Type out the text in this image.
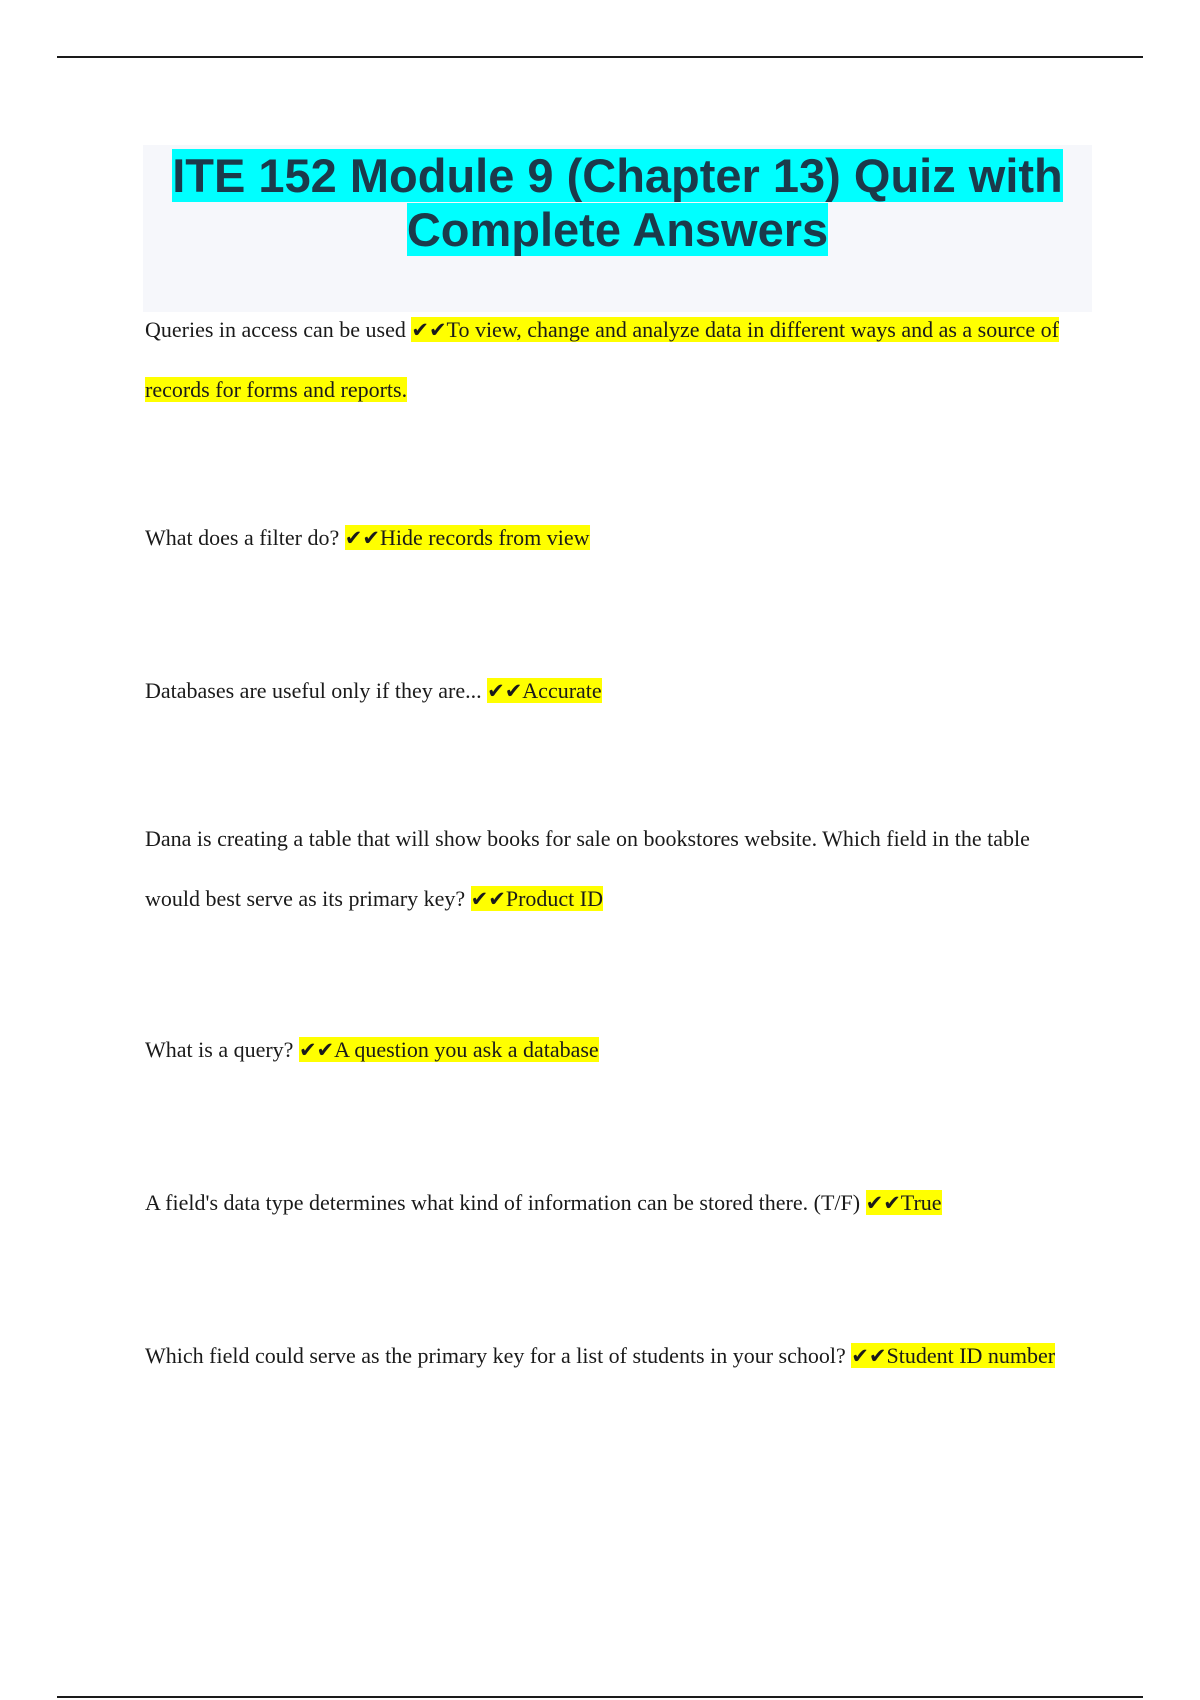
ITE 152 Module 9 (Chapter 13) Quiz with Complete Answers

Queries in access can be used ✔✔To view, change and analyze data in different ways and as a source of records for forms and reports.

What does a filter do? ✔✔Hide records from view

Databases are useful only if they are... ✔✔Accurate

Dana is creating a table that will show books for sale on bookstores website. Which field in the table would best serve as its primary key? ✔✔Product ID

What is a query? ✔✔A question you ask a database

A field's data type determines what kind of information can be stored there. (T/F) ✔✔True

Which field could serve as the primary key for a list of students in your school? ✔✔Student ID number
